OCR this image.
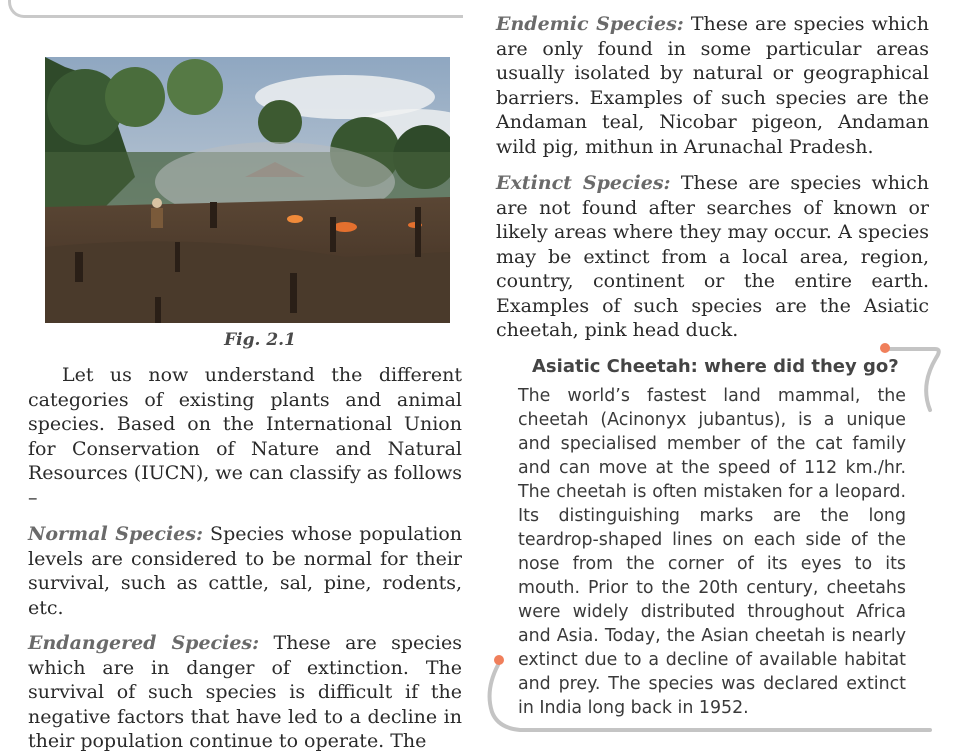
Fig. 2.1

Let us now understand the different categories of existing plants and animal species. Based on the International Union for Conservation of Nature and Natural Resources (IUCN), we can classify as follows –

Normal Species: Species whose population levels are considered to be normal for their survival, such as cattle, sal, pine, rodents, etc.

Endangered Species: These are species which are in danger of extinction. The survival of such species is difficult if the negative factors that have led to a decline in their population continue to operate. The

Endemic Species: These are species which are only found in some particular areas usually isolated by natural or geographical barriers. Examples of such species are the Andaman teal, Nicobar pigeon, Andaman wild pig, mithun in Arunachal Pradesh.

Extinct Species: These are species which are not found after searches of known or likely areas where they may occur. A species may be extinct from a local area, region, country, continent or the entire earth. Examples of such species are the Asiatic cheetah, pink head duck.

Asiatic Cheetah: where did they go?

The world’s fastest land mammal, the cheetah (Acinonyx jubantus), is a unique and specialised member of the cat family and can move at the speed of 112 km./hr. The cheetah is often mistaken for a leopard. Its distinguishing marks are the long teardrop-shaped lines on each side of the nose from the corner of its eyes to its mouth. Prior to the 20th century, cheetahs were widely distributed throughout Africa and Asia. Today, the Asian cheetah is nearly extinct due to a decline of available habitat and prey. The species was declared extinct in India long back in 1952.
